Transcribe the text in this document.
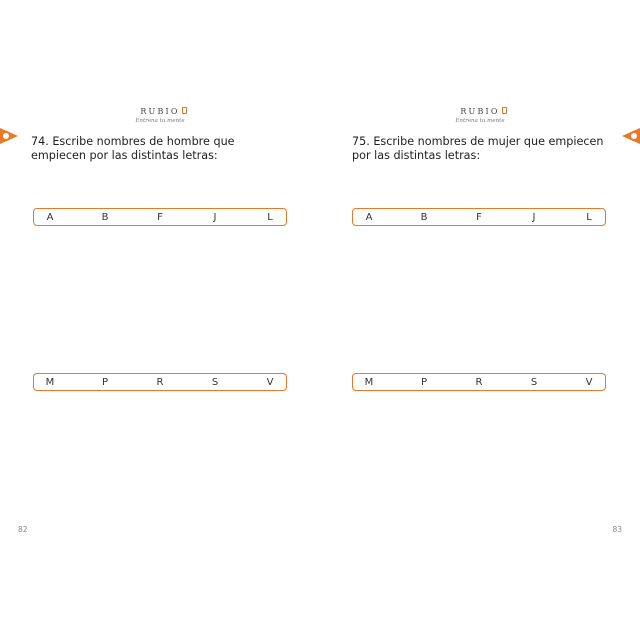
RUBIO
Entrena tu mente
74. Escribe nombres de hombre que empiecen por las distintas letras:
A	B	F	J	L
M	P	R	S	V
82
RUBIO
Entrena tu mente
75. Escribe nombres de mujer que empiecen por las distintas letras:
A	B	F	J	L
M	P	R	S	V
83
